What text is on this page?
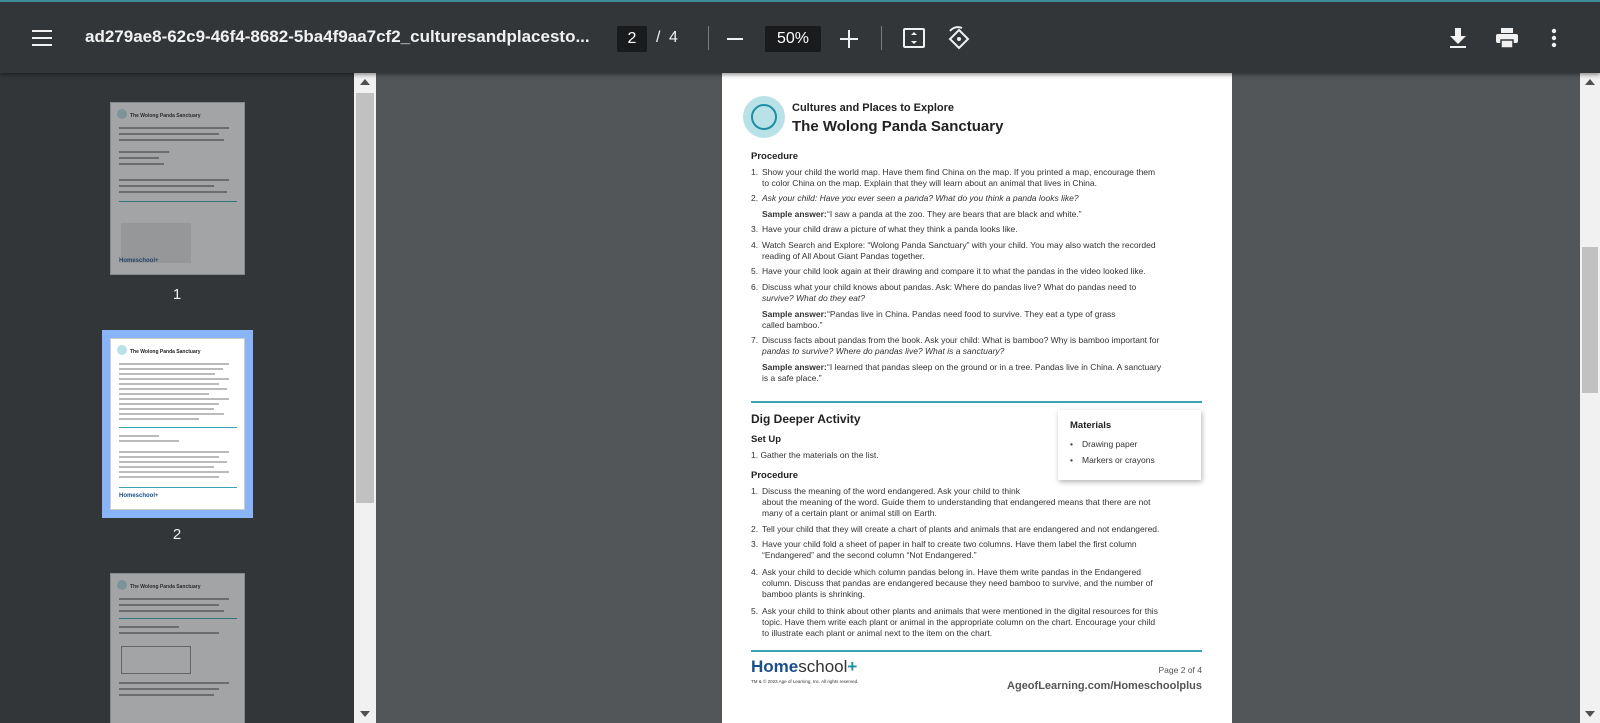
ad279ae8-62c9-46f4-8682-5ba4f9aa7cf2_culturesandplacesto...	2	/ 4	50%
The Wolong Panda Sanctuary
Homeschool+
1
The Wolong Panda Sanctuary
Homeschool+
2
The Wolong Panda Sanctuary
Cultures and Places to Explore
The Wolong Panda Sanctuary
Procedure
1. Show your child the world map. Have them find China on the map. If you printed a map, encourage them
to color China on the map. Explain that they will learn about an animal that lives in China.
2. Ask your child: Have you ever seen a panda? What do you think a panda looks like?
Sample answer: “I saw a panda at the zoo. They are bears that are black and white.”
3. Have your child draw a picture of what they think a panda looks like.
4. Watch Search and Explore: “Wolong Panda Sanctuary” with your child. You may also watch the recorded
reading of All About Giant Pandas together.
5. Have your child look again at their drawing and compare it to what the pandas in the video looked like.
6. Discuss what your child knows about pandas. Ask: Where do pandas live? What do pandas need to
survive? What do they eat?
Sample answer: “Pandas live in China. Pandas need food to survive. They eat a type of grass
called bamboo.”
7. Discuss facts about pandas from the book. Ask your child: What is bamboo? Why is bamboo important for
pandas to survive? Where do pandas live? What is a sanctuary?
Sample answer: “I learned that pandas sleep on the ground or in a tree. Pandas live in China. A sanctuary
is a safe place.”
Dig Deeper Activity
Set Up
1. Gather the materials on the list.
Materials
• Drawing paper
• Markers or crayons
Procedure
1. Discuss the meaning of the word endangered. Ask your child to think
about the meaning of the word. Guide them to understanding that endangered means that there are not
many of a certain plant or animal still on Earth.
2. Tell your child that they will create a chart of plants and animals that are endangered and not endangered.
3. Have your child fold a sheet of paper in half to create two columns. Have them label the first column
“Endangered” and the second column “Not Endangered.”
4. Ask your child to decide which column pandas belong in. Have them write pandas in the Endangered
column. Discuss that pandas are endangered because they need bamboo to survive, and the number of
bamboo plants is shrinking.
5. Ask your child to think about other plants and animals that were mentioned in the digital resources for this
topic. Have them write each plant or animal in the appropriate column on the chart. Encourage your child
to illustrate each plant or animal next to the item on the chart.
Homeschool+
TM & © 2023 Age of Learning, Inc. All rights reserved.
Page 2 of 4
AgeofLearning.com/Homeschoolplus
